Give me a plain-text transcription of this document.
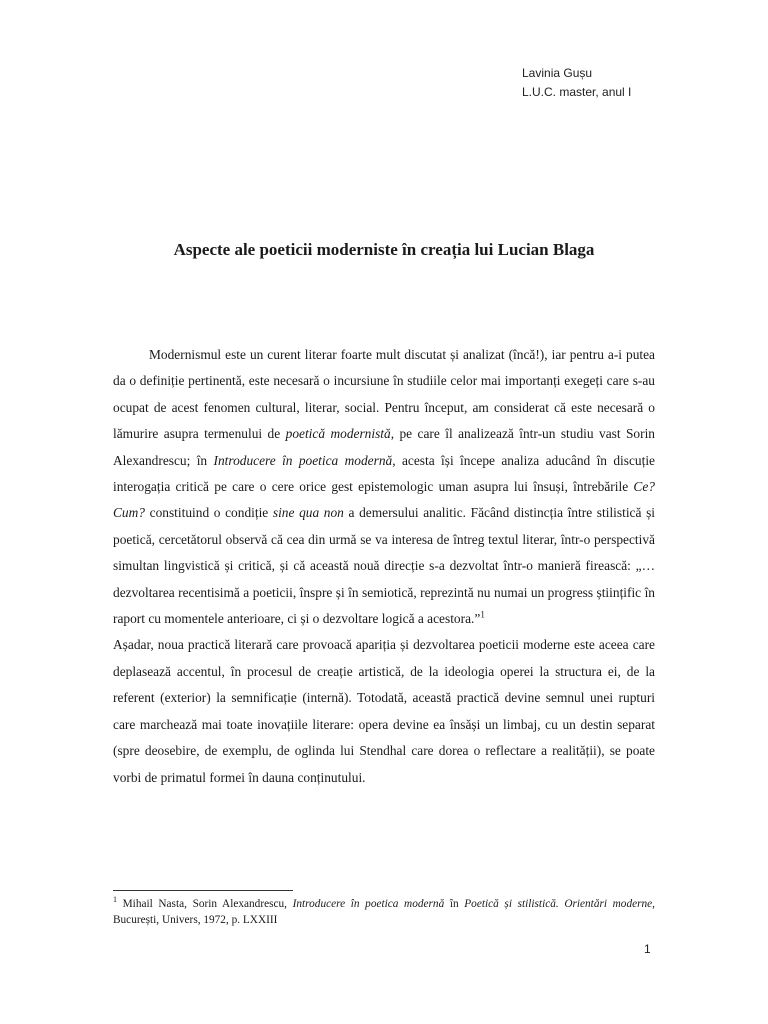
Lavinia Gușu
L.U.C. master, anul I
Aspecte ale poeticii moderniste în creația lui Lucian Blaga

Modernismul este un curent literar foarte mult discutat și analizat (încă!), iar pentru a-i putea da o definiție pertinentă, este necesară o incursiune în studiile celor mai importanți exegeți care s-au ocupat de acest fenomen cultural, literar, social. Pentru început, am considerat că este necesară o lămurire asupra termenului de poetică modernistă, pe care îl analizează într-un studiu vast Sorin Alexandrescu; în Introducere în poetica modernă, acesta își începe analiza aducând în discuție interogația critică pe care o cere orice gest epistemologic uman asupra lui însuși, întrebările Ce? Cum? constituind o condiție sine qua non a demersului analitic. Făcând distincția între stilistică și poetică, cercetătorul observă că cea din urmă se va interesa de întreg textul literar, într-o perspectivă simultan lingvistică și critică, și că această nouă direcție s-a dezvoltat într-o manieră firească: „…dezvoltarea recentisimă a poeticii, înspre și în semiotică, reprezintă nu numai un progress științific în raport cu momentele anterioare, ci și o dezvoltare logică a acestora.”$^1$

Așadar, noua practică literară care provoacă apariția și dezvoltarea poeticii moderne este aceea care deplasează accentul, în procesul de creație artistică, de la ideologia operei la structura ei, de la referent (exterior) la semnificație (internă). Totodată, această practică devine semnul unei rupturi care marchează mai toate inovațiile literare: opera devine ea însăși un limbaj, cu un destin separat (spre deosebire, de exemplu, de oglinda lui Stendhal care dorea o reflectare a realității), se poate vorbi de primatul formei în dauna conținutului.

$^1$ Mihail Nasta, Sorin Alexandrescu, Introducere în poetica modernă în Poetică și stilistică. Orientări moderne, București, Univers, 1972, p. LXXIII
1
